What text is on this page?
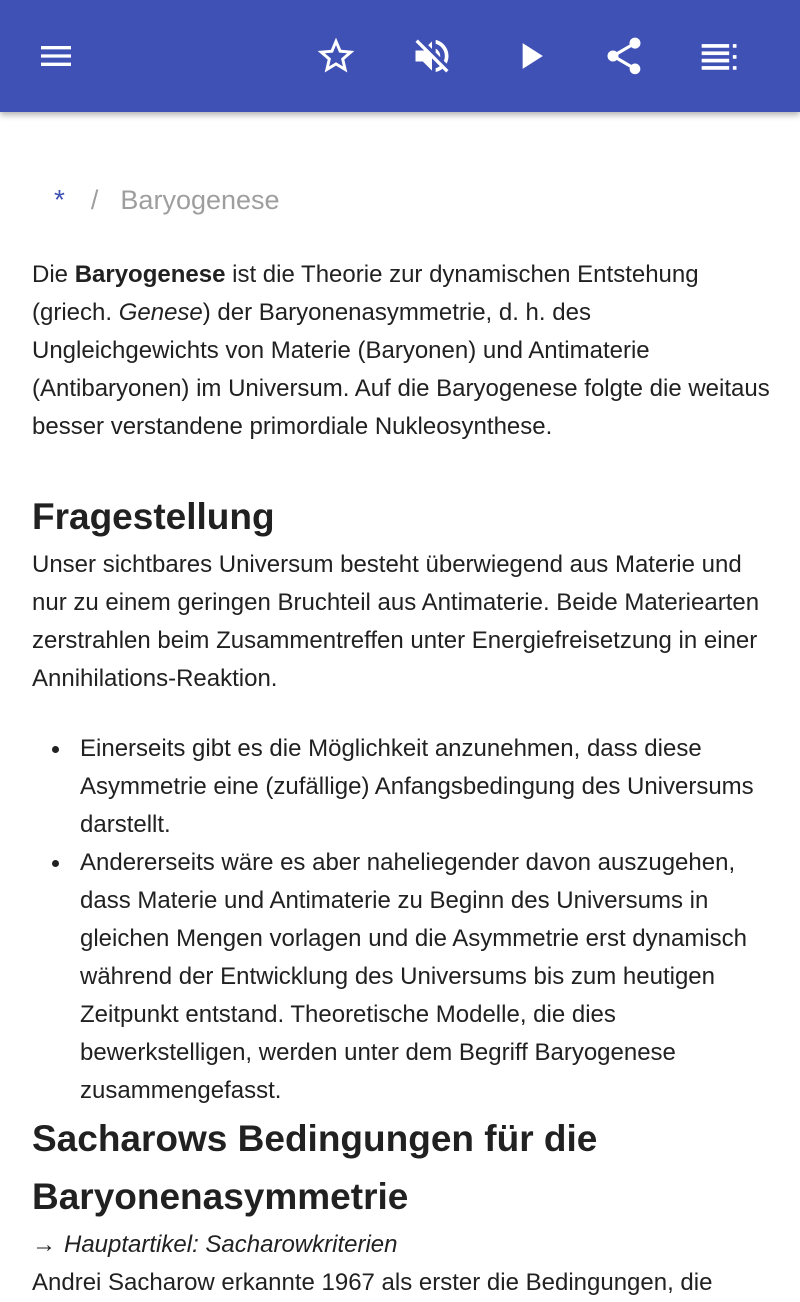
* / Baryogenese

Die Baryogenese ist die Theorie zur dynamischen Entstehung (griech. Genese) der Baryonenasymmetrie, d. h. des Ungleichgewichts von Materie (Baryonen) und Antimaterie (Antibaryonen) im Universum. Auf die Baryogenese folgte die weitaus besser verstandene primordiale Nukleosynthese.

Fragestellung

Unser sichtbares Universum besteht überwiegend aus Materie und nur zu einem geringen Bruchteil aus Antimaterie. Beide Materiearten zerstrahlen beim Zusammentreffen unter Energiefreisetzung in einer Annihilations-Reaktion.

Einerseits gibt es die Möglichkeit anzunehmen, dass diese Asymmetrie eine (zufällige) Anfangsbedingung des Universums darstellt.
Andererseits wäre es aber naheliegender davon auszugehen, dass Materie und Antimaterie zu Beginn des Universums in gleichen Mengen vorlagen und die Asymmetrie erst dynamisch während der Entwicklung des Universums bis zum heutigen Zeitpunkt entstand. Theoretische Modelle, die dies bewerkstelligen, werden unter dem Begriff Baryogenese zusammengefasst.
Sacharows Bedingungen für die Baryonenasymmetrie

→ Hauptartikel: Sacharowkriterien

Andrei Sacharow erkannte 1967 als erster die Bedingungen, die
